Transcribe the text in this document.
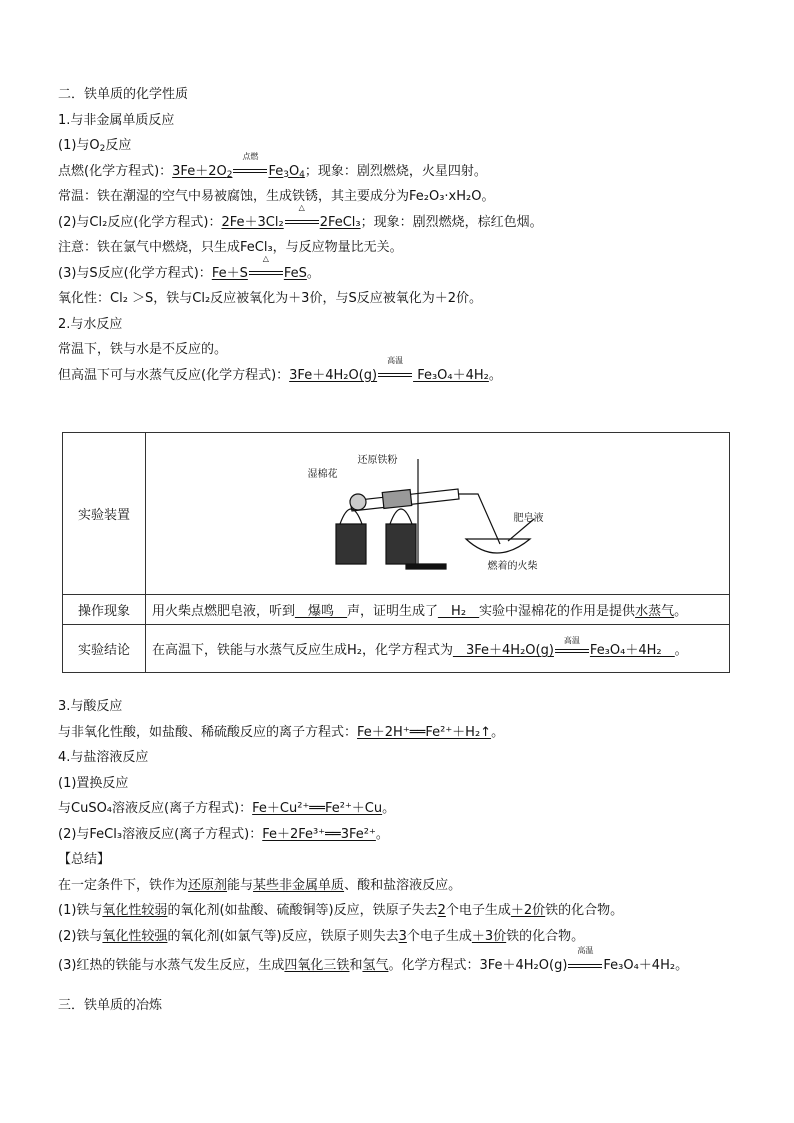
二．铁单质的化学性质
1.与非金属单质反应
(1)与$O_2$反应
点燃(化学方程式)：$3Fe+2O_2$
点燃
$Fe_3O_4$；现象：剧烈燃烧，火星四射。
常温：铁在潮湿的空气中易被腐蚀，生成铁锈，其主要成分为Fe₂O₃·xH₂O。
(2)与Cl₂反应(化学方程式)：2Fe＋3Cl₂
△
2FeCl₃；现象：剧烈燃烧，棕红色烟。
注意：铁在氯气中燃烧，只生成FeCl₃，与反应物量比无关。
(3)与S反应(化学方程式)：Fe＋S
△
FeS。
氧化性：Cl₂ ＞S，铁与Cl₂反应被氧化为＋3价，与S反应被氧化为＋2价。
2.与水反应
常温下，铁与水是不反应的。
但高温下可与水蒸气反应(化学方程式)：3Fe＋4H₂O(g)
高温
Fe₃O₄＋4H₂。
实验装置	湿棉花
还原铁粉
肥皂液
燃着的火柴

操作现象	用火柴点燃肥皂液，听到__爆鸣__声，证明生成了__H₂__实验中湿棉花的作用是提供水蒸气。
实验结论	在高温下，铁能与水蒸气反应生成H₂，化学方程式为__3Fe＋4H₂O(g)
高温
Fe₃O₄＋4H₂__。
3.与酸反应
与非氧化性酸，如盐酸、稀硫酸反应的离子方程式：Fe＋2H⁺══Fe²⁺＋H₂↑。
4.与盐溶液反应
(1)置换反应
与CuSO₄溶液反应(离子方程式)：Fe＋Cu²⁺══Fe²⁺＋Cu。
(2)与FeCl₃溶液反应(离子方程式)：Fe＋2Fe³⁺══3Fe²⁺。
【总结】
在一定条件下，铁作为还原剂能与某些非金属单质、酸和盐溶液反应。
(1)铁与氧化性较弱的氧化剂(如盐酸、硫酸铜等)反应，铁原子失去2个电子生成＋2价铁的化合物。
(2)铁与氧化性较强的氧化剂(如氯气等)反应，铁原子则失去3个电子生成＋3价铁的化合物。
(3)红热的铁能与水蒸气发生反应，生成四氧化三铁和氢气。化学方程式：3Fe＋4H₂O(g)
高温
Fe₃O₄＋4H₂。
三．铁单质的冶炼
